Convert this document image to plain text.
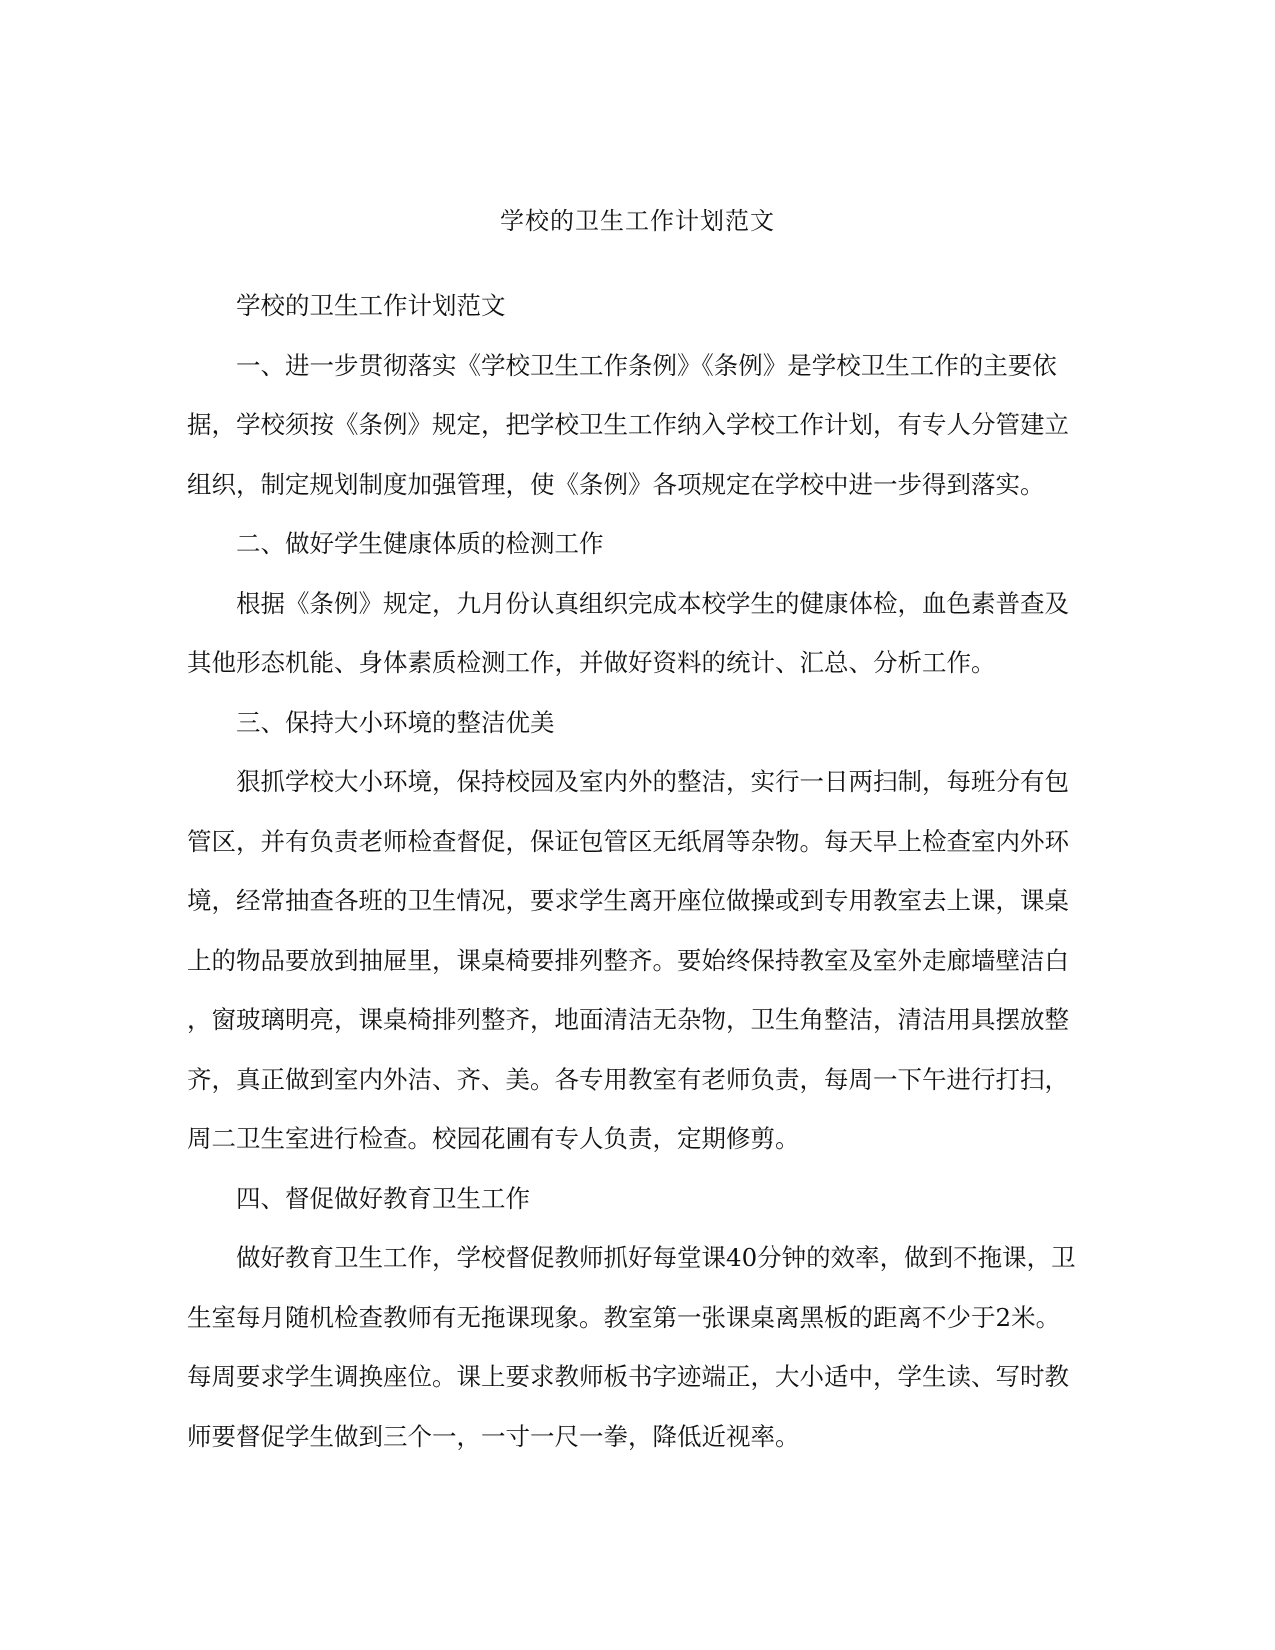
学校的卫生工作计划范文

学校的卫生工作计划范文

一、进一步贯彻落实《学校卫生工作条例》《条例》是学校卫生工作的主要依
据，学校须按《条例》规定，把学校卫生工作纳入学校工作计划，有专人分管建立
组织，制定规划制度加强管理，使《条例》各项规定在学校中进一步得到落实。

二、做好学生健康体质的检测工作

根据《条例》规定，九月份认真组织完成本校学生的健康体检，血色素普查及
其他形态机能、身体素质检测工作，并做好资料的统计、汇总、分析工作。

三、保持大小环境的整洁优美

狠抓学校大小环境，保持校园及室内外的整洁，实行一日两扫制，每班分有包
管区，并有负责老师检查督促，保证包管区无纸屑等杂物。每天早上检查室内外环
境，经常抽查各班的卫生情况，要求学生离开座位做操或到专用教室去上课，课桌
上的物品要放到抽屉里，课桌椅要排列整齐。要始终保持教室及室外走廊墙壁洁白
，窗玻璃明亮，课桌椅排列整齐，地面清洁无杂物，卫生角整洁，清洁用具摆放整
齐，真正做到室内外洁、齐、美。各专用教室有老师负责，每周一下午进行打扫，
周二卫生室进行检查。校园花圃有专人负责，定期修剪。

四、督促做好教育卫生工作

做好教育卫生工作，学校督促教师抓好每堂课40分钟的效率，做到不拖课，卫
生室每月随机检查教师有无拖课现象。教室第一张课桌离黑板的距离不少于2米。
每周要求学生调换座位。课上要求教师板书字迹端正，大小适中，学生读、写时教
师要督促学生做到三个一，一寸一尺一拳，降低近视率。
